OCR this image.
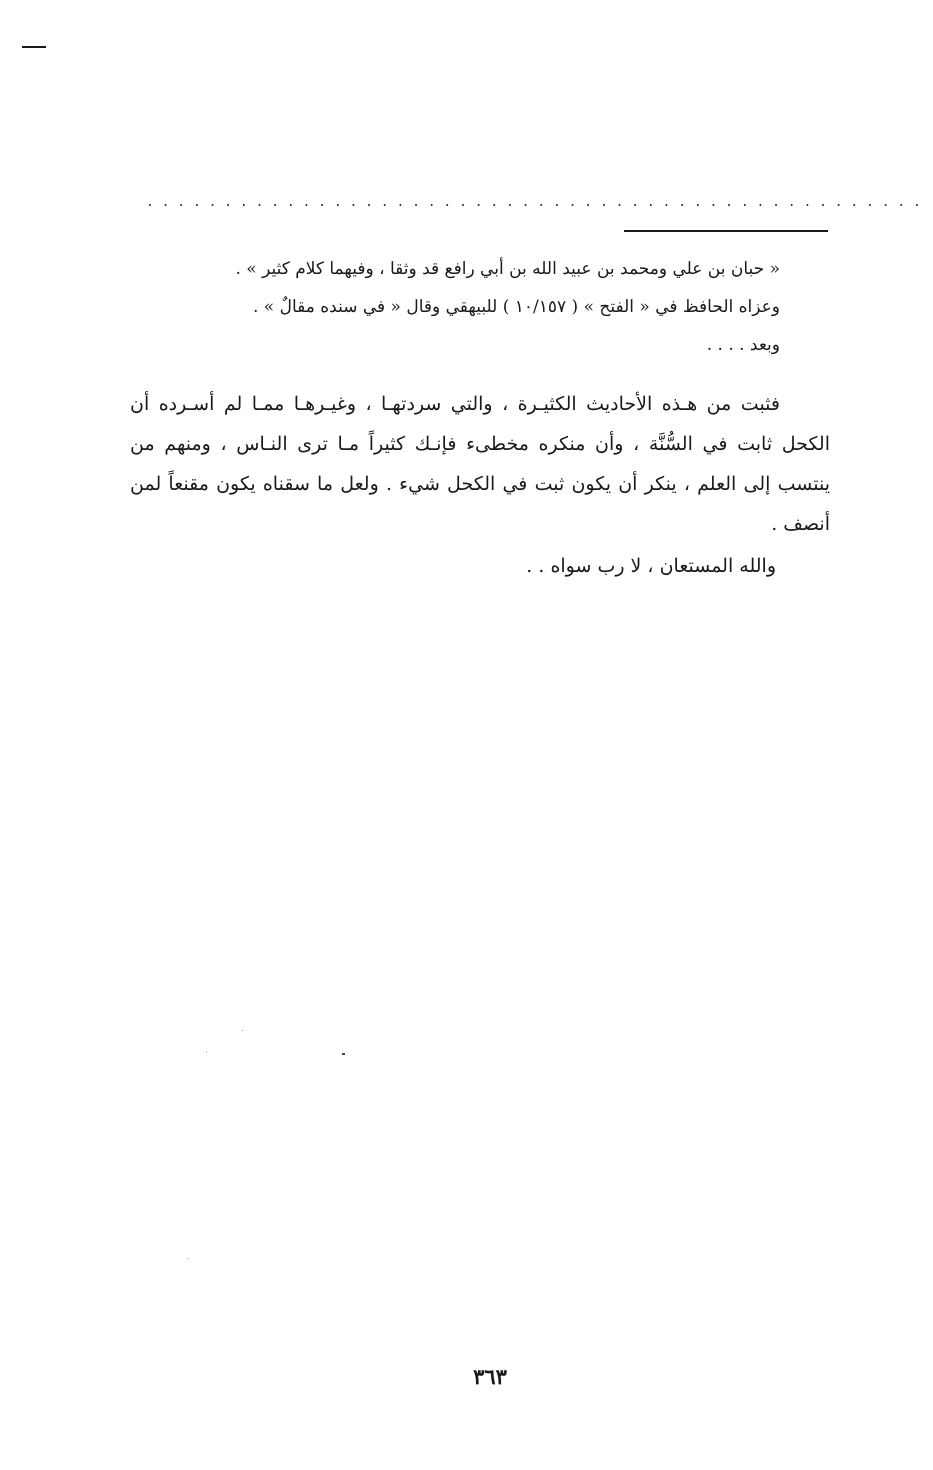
. . . . . . . . . . . . . . . . . . . . . . . . . . . . . . . . . . . . . . . . . . . . . . . . . .

« حبان بن علي ومحمد بن عبيد الله بن أبي رافع قد وثقا ، وفيهما كلام كثير » .

وعزاه الحافظ في « الفتح » ( ١٠/١٥٧ ) للبيهقي وقال « في سنده مقالٌ » .

وبعد . . . .

فثبت من هـذه الأحاديث الكثيـرة ، والتي سردتهـا ، وغيـرهـا ممـا لم أسـرده أن الكحل ثابت في السُّنَّة ، وأن منكره مخطىء فإنـك كثيراً مـا ترى النـاس ، ومنهم من ينتسب إلى العلم ، ينكر أن يكون ثبت في الكحل شيء . ولعل ما سقناه يكون مقنعاً لمن أنصف .

والله المستعان ، لا رب سواه . .
٣٦٣
